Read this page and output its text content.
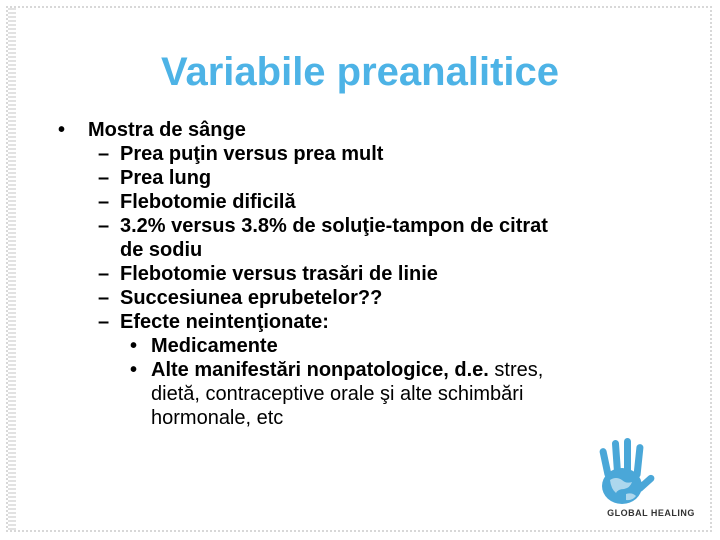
Variabile preanalitice
• Mostra de sânge
– Prea puţin versus prea mult
– Prea lung
– Flebotomie dificilă
– 3.2% versus 3.8% de soluţie-tampon de citrat
de sodiu
– Flebotomie versus trasări de linie
– Succesiunea eprubetelor??
– Efecte neintenţionate:
• Medicamente
• Alte manifestări nonpatologice, d.e. stres,
dietă, contraceptive orale şi alte schimbări
hormonale, etc
GLOBAL HEALING
